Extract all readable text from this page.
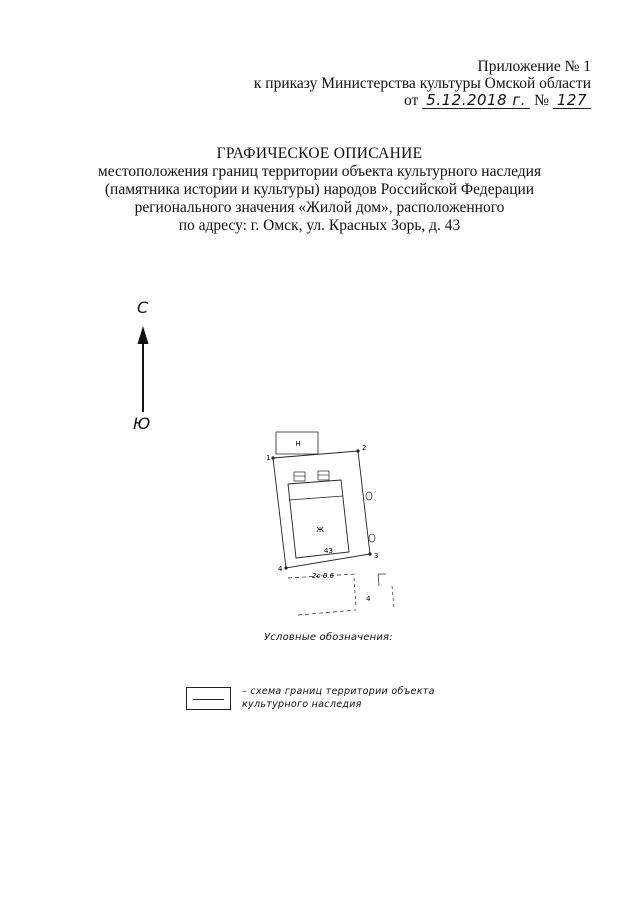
Приложение № 1
к приказу Министерства культуры Омской области
от 5.12.2018 г. № 127
ГРАФИЧЕСКОЕ ОПИСАНИЕ
местоположения границ территории объекта культурного наследия
(памятника истории и культуры) народов Российской Федерации
регионального значения «Жилой дом», расположенного
по адресу: г. Омск, ул. Красных Зорь, д. 43
С
Ю
Н
1
2
3
4
Ж
43
2с-0.6
4
Условные обозначения:
– схема границ территории объекта
культурного наследия
